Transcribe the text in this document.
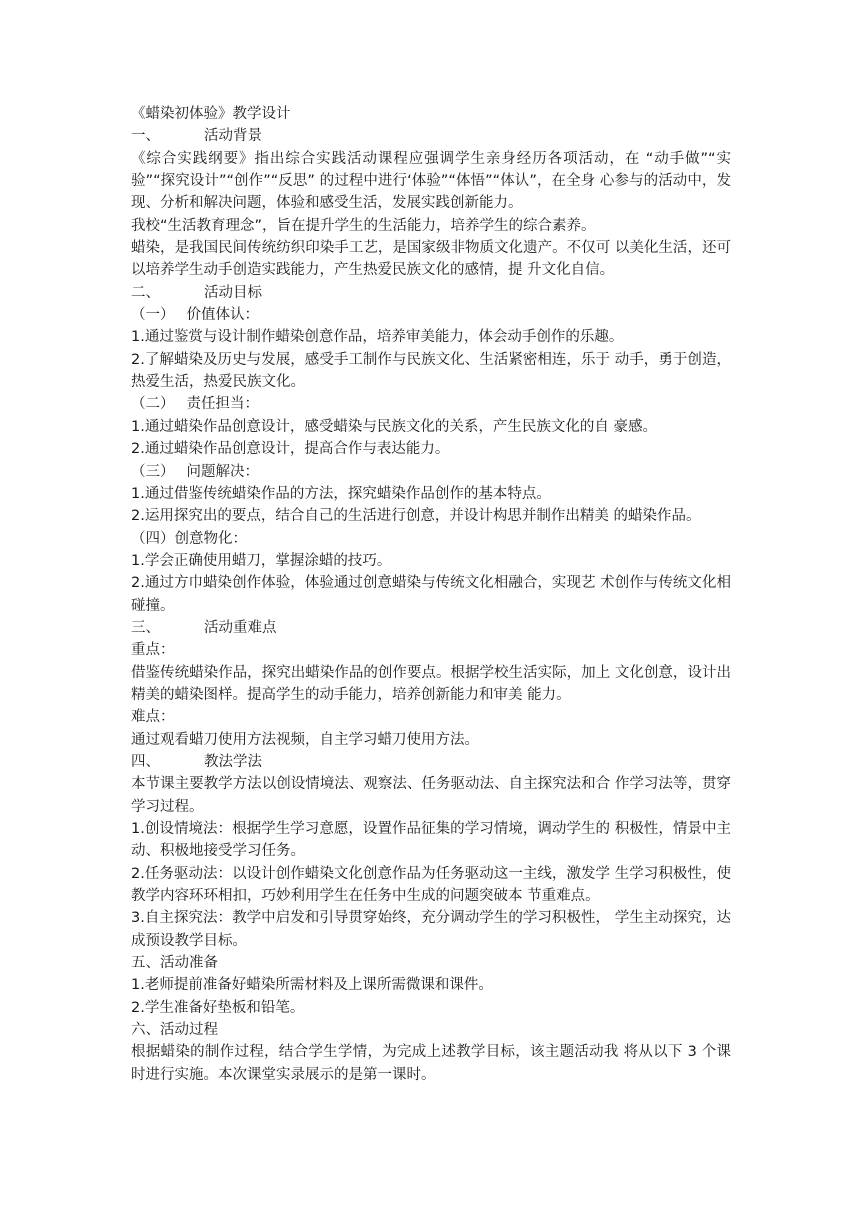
《蜡染初体验》教学设计
一、	活动背景
《综合实践纲要》指出综合实践活动课程应强调学生亲身经历各项活动，在 “动手做”“实验”“探究设计”“创作”“反思” 的过程中进行‘体验”“体悟”“体认”，在全身 心参与的活动中，发现、分析和解决问题，体验和感受生活，发展实践创新能力。
我校“生活教育理念”，旨在提升学生的生活能力，培养学生的综合素养。
蜡染，是我国民间传统纺织印染手工艺，是国家级非物质文化遗产。不仅可 以美化生活，还可以培养学生动手创造实践能力，产生热爱民族文化的感情，提 升文化自信。
二、	活动目标
（一） 价值体认：
1.通过鉴赏与设计制作蜡染创意作品，培养审美能力，体会动手创作的乐趣。
2.了解蜡染及历史与发展，感受手工制作与民族文化、生活紧密相连，乐于 动手，勇于创造，热爱生活，热爱民族文化。
（二） 责任担当：
1.通过蜡染作品创意设计，感受蜡染与民族文化的关系，产生民族文化的自 豪感。
2.通过蜡染作品创意设计，提高合作与表达能力。
（三） 问题解决：
1.通过借鉴传统蜡染作品的方法，探究蜡染作品创作的基本特点。
2.运用探究出的要点，结合自己的生活进行创意，并设计构思并制作出精美 的蜡染作品。
（四）创意物化：
1.学会正确使用蜡刀，掌握涂蜡的技巧。
2.通过方巾蜡染创作体验，体验通过创意蜡染与传统文化相融合，实现艺 术创作与传统文化相碰撞。
三、	活动重难点
重点：
借鉴传统蜡染作品，探究出蜡染作品的创作要点。根据学校生活实际，加上 文化创意，设计出精美的蜡染图样。提高学生的动手能力，培养创新能力和审美 能力。
难点：
通过观看蜡刀使用方法视频，自主学习蜡刀使用方法。
四、	教法学法
本节课主要教学方法以创设情境法、观察法、任务驱动法、自主探究法和合 作学习法等，贯穿学习过程。
1.创设情境法：根据学生学习意愿，设置作品征集的学习情境，调动学生的 积极性，情景中主动、积极地接受学习任务。
2.任务驱动法：以设计创作蜡染文化创意作品为任务驱动这一主线，激发学 生学习积极性，使教学内容环环相扣，巧妙利用学生在任务中生成的问题突破本 节重难点。
3.自主探究法：教学中启发和引导贯穿始终，充分调动学生的学习积极性， 学生主动探究，达成预设教学目标。
五、活动准备
1.老师提前准备好蜡染所需材料及上课所需微课和课件。
2.学生准备好垫板和铅笔。
六、活动过程
根据蜡染的制作过程，结合学生学情，为完成上述教学目标，该主题活动我 将从以下 3 个课时进行实施。本次课堂实录展示的是第一课时。
